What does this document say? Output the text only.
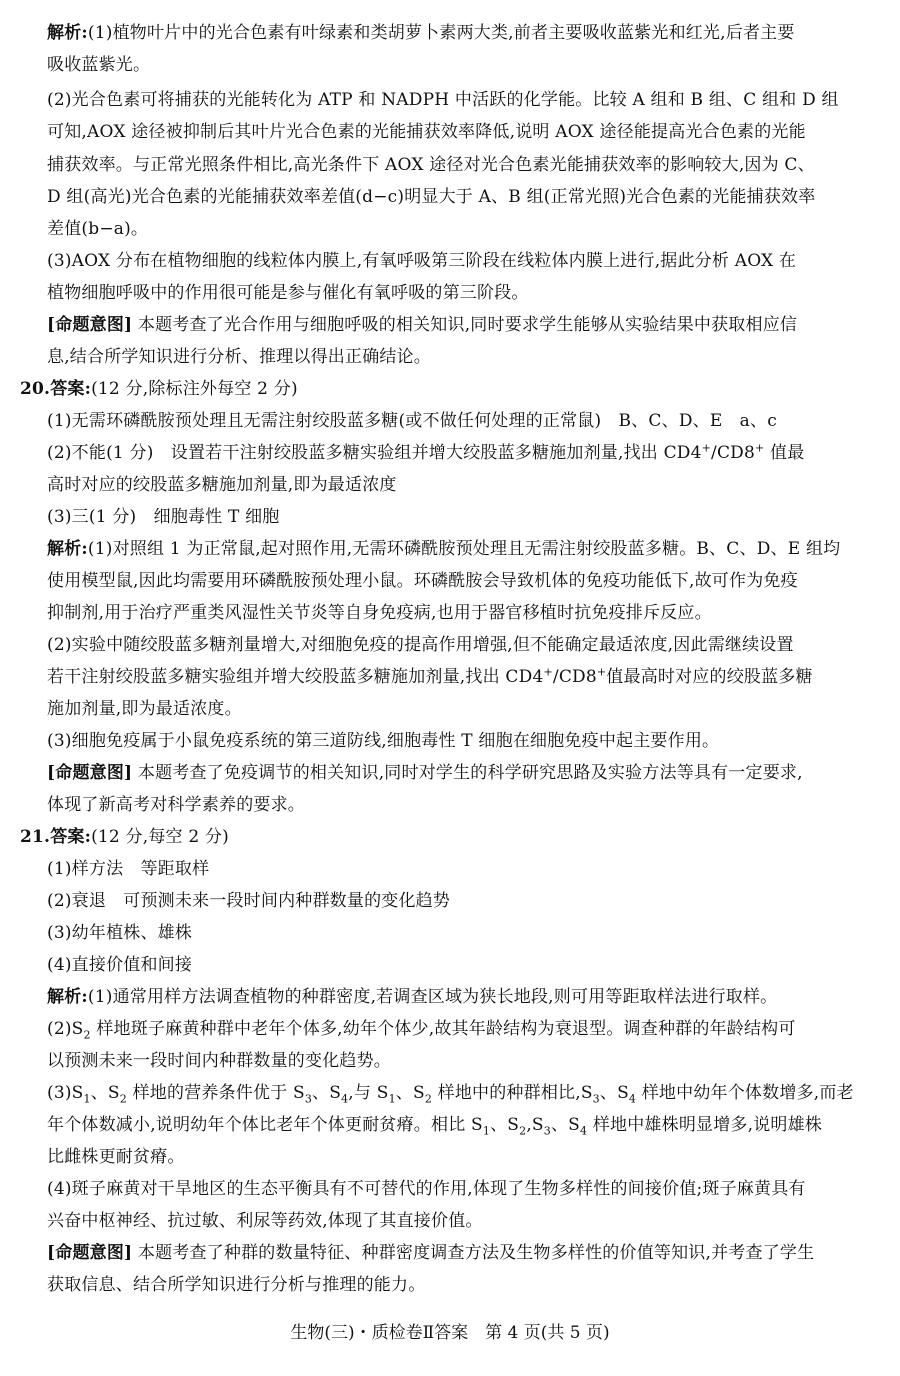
解析:(1)植物叶片中的光合色素有叶绿素和类胡萝卜素两大类,前者主要吸收蓝紫光和红光,后者主要
吸收蓝紫光。
(2)光合色素可将捕获的光能转化为 ATP 和 NADPH 中活跃的化学能。比较 A 组和 B 组、C 组和 D 组
可知,AOX 途径被抑制后其叶片光合色素的光能捕获效率降低,说明 AOX 途径能提高光合色素的光能
捕获效率。与正常光照条件相比,高光条件下 AOX 途径对光合色素光能捕获效率的影响较大,因为 C、
D 组(高光)光合色素的光能捕获效率差值(d−c)明显大于 A、B 组(正常光照)光合色素的光能捕获效率
差值(b−a)。
(3)AOX 分布在植物细胞的线粒体内膜上,有氧呼吸第三阶段在线粒体内膜上进行,据此分析 AOX 在
植物细胞呼吸中的作用很可能是参与催化有氧呼吸的第三阶段。
[命题意图] 本题考查了光合作用与细胞呼吸的相关知识,同时要求学生能够从实验结果中获取相应信
息,结合所学知识进行分析、推理以得出正确结论。
20.答案:(12 分,除标注外每空 2 分)
(1)无需环磷酰胺预处理且无需注射绞股蓝多糖(或不做任何处理的正常鼠)　B、C、D、E　a、c
(2)不能(1 分)　设置若干注射绞股蓝多糖实验组并增大绞股蓝多糖施加剂量,找出 CD4+/CD8+ 值最
高时对应的绞股蓝多糖施加剂量,即为最适浓度
(3)三(1 分)　细胞毒性 T 细胞
解析:(1)对照组 1 为正常鼠,起对照作用,无需环磷酰胺预处理且无需注射绞股蓝多糖。B、C、D、E 组均
使用模型鼠,因此均需要用环磷酰胺预处理小鼠。环磷酰胺会导致机体的免疫功能低下,故可作为免疫
抑制剂,用于治疗严重类风湿性关节炎等自身免疫病,也用于器官移植时抗免疫排斥反应。
(2)实验中随绞股蓝多糖剂量增大,对细胞免疫的提高作用增强,但不能确定最适浓度,因此需继续设置
若干注射绞股蓝多糖实验组并增大绞股蓝多糖施加剂量,找出 CD4+/CD8+值最高时对应的绞股蓝多糖
施加剂量,即为最适浓度。
(3)细胞免疫属于小鼠免疫系统的第三道防线,细胞毒性 T 细胞在细胞免疫中起主要作用。
[命题意图] 本题考查了免疫调节的相关知识,同时对学生的科学研究思路及实验方法等具有一定要求,
体现了新高考对科学素养的要求。
21.答案:(12 分,每空 2 分)
(1)样方法　等距取样
(2)衰退　可预测未来一段时间内种群数量的变化趋势
(3)幼年植株、雄株
(4)直接价值和间接
解析:(1)通常用样方法调查植物的种群密度,若调查区域为狭长地段,则可用等距取样法进行取样。
$(2)S_2$ 样地斑子麻黄种群中老年个体多,幼年个体少,故其年龄结构为衰退型。调查种群的年龄结构可
以预测未来一段时间内种群数量的变化趋势。
$(3)S_1$、$S_2$ 样地的营养条件优于 $S_3$、$S_4$,与 $S_1$、$S_2$ 样地中的种群相比$,S_3$、$S_4$ 样地中幼年个体数增多,而老
年个体数减小,说明幼年个体比老年个体更耐贫瘠。相比 $S_1$、$S_2,S_3$、$S_4$ 样地中雄株明显增多,说明雄株
比雌株更耐贫瘠。
(4)斑子麻黄对干旱地区的生态平衡具有不可替代的作用,体现了生物多样性的间接价值;斑子麻黄具有
兴奋中枢神经、抗过敏、利尿等药效,体现了其直接价值。
[命题意图] 本题考查了种群的数量特征、种群密度调查方法及生物多样性的价值等知识,并考查了学生
获取信息、结合所学知识进行分析与推理的能力。
生物(三)・质检卷Ⅱ答案　第 4 页(共 5 页)
